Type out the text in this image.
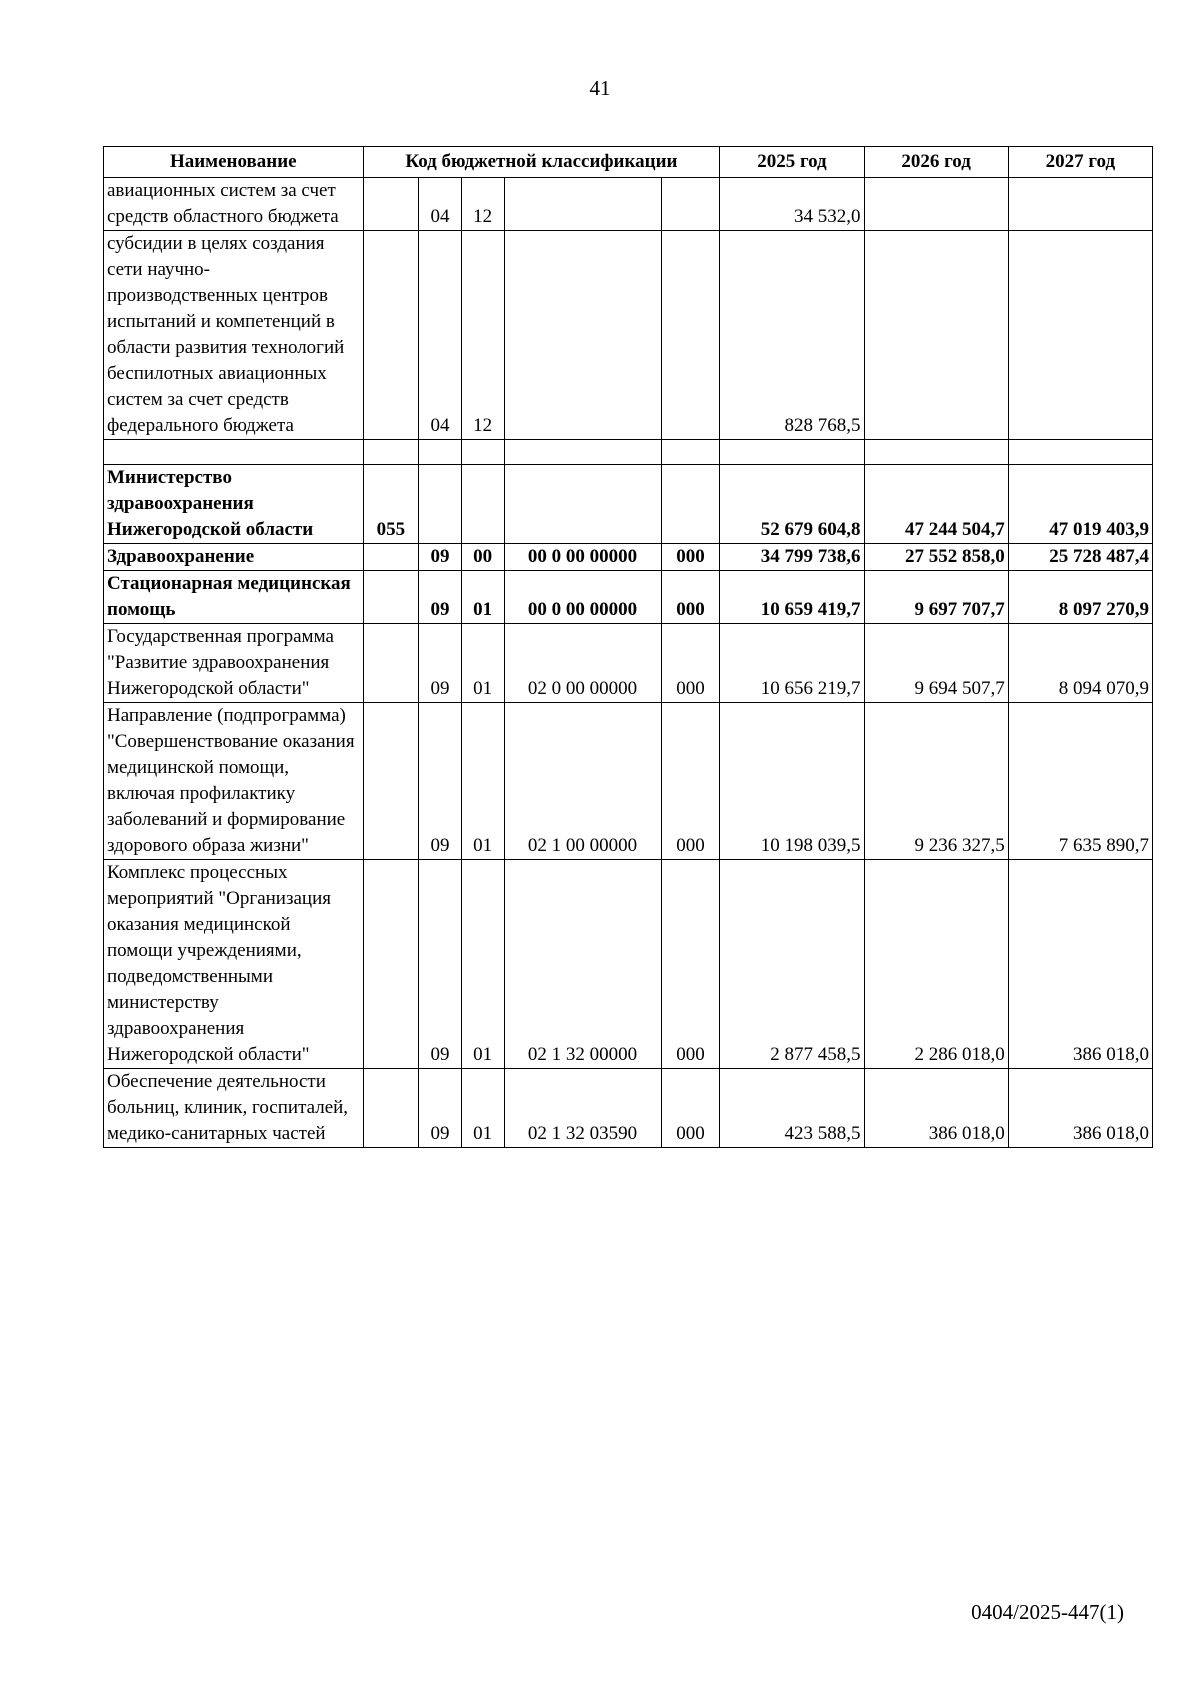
41
Наименование	Код бюджетной классификации					2025 год	2026 год	2027 год
авиационных систем за счет средств областного бюджета		04	12			34 532,0		
субсидии в целях создания сети научно-производственных центров испытаний и компетенций в области развития технологий беспилотных авиационных систем за счет средств федерального бюджета		04	12			828 768,5		

Министерство здравоохранения Нижегородской области	055					52 679 604,8	47 244 504,7	47 019 403,9
Здравоохранение		09	00	00 0 00 00000	000	34 799 738,6	27 552 858,0	25 728 487,4
Стационарная медицинская помощь		09	01	00 0 00 00000	000	10 659 419,7	9 697 707,7	8 097 270,9
Государственная программа "Развитие здравоохранения Нижегородской области"		09	01	02 0 00 00000	000	10 656 219,7	9 694 507,7	8 094 070,9
Направление (подпрограмма) "Совершенствование оказания медицинской помощи, включая профилактику заболеваний и формирование здорового образа жизни"		09	01	02 1 00 00000	000	10 198 039,5	9 236 327,5	7 635 890,7
Комплекс процессных мероприятий "Организация оказания медицинской помощи учреждениями, подведомственными министерству здравоохранения Нижегородской области"		09	01	02 1 32 00000	000	2 877 458,5	2 286 018,0	386 018,0
Обеспечение деятельности больниц, клиник, госпиталей, медико-санитарных частей		09	01	02 1 32 03590	000	423 588,5	386 018,0	386 018,0
0404/2025-447(1)
